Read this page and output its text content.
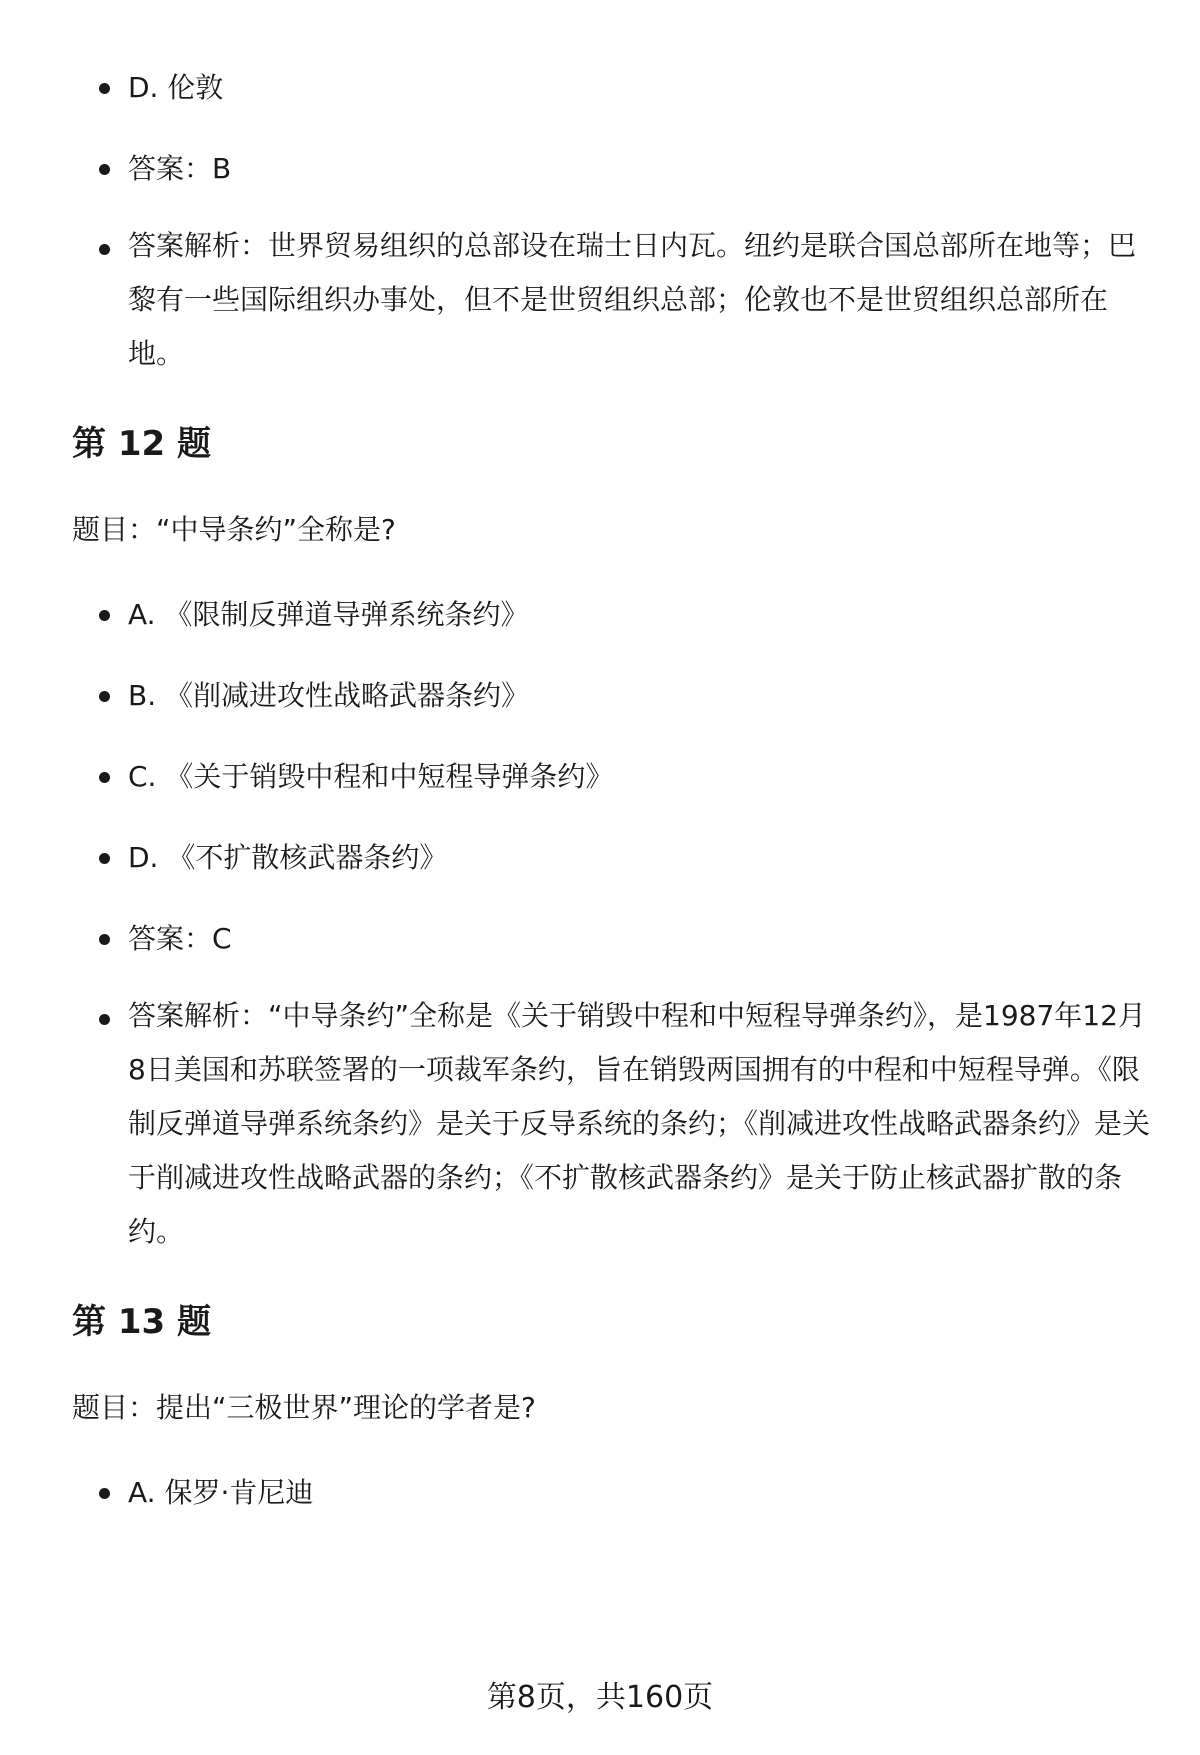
D. 伦敦
答案：B
答案解析：世界贸易组织的总部设在瑞士日内瓦。纽约是联合国总部所在地等；巴黎有一些国际组织办事处，但不是世贸组织总部；伦敦也不是世贸组织总部所在地。
第 12 题

题目：“中导条约”全称是?

A. 《限制反弹道导弹系统条约》
B. 《削减进攻性战略武器条约》
C. 《关于销毁中程和中短程导弹条约》
D. 《不扩散核武器条约》
答案：C
答案解析：“中导条约”全称是《关于销毁中程和中短程导弹条约》，是1987年12月8日美国和苏联签署的一项裁军条约，旨在销毁两国拥有的中程和中短程导弹。《限制反弹道导弹系统条约》是关于反导系统的条约；《削减进攻性战略武器条约》是关于削减进攻性战略武器的条约；《不扩散核武器条约》是关于防止核武器扩散的条约。
第 13 题

题目：提出“三极世界”理论的学者是?

A. 保罗·肯尼迪
第8页，共160页
